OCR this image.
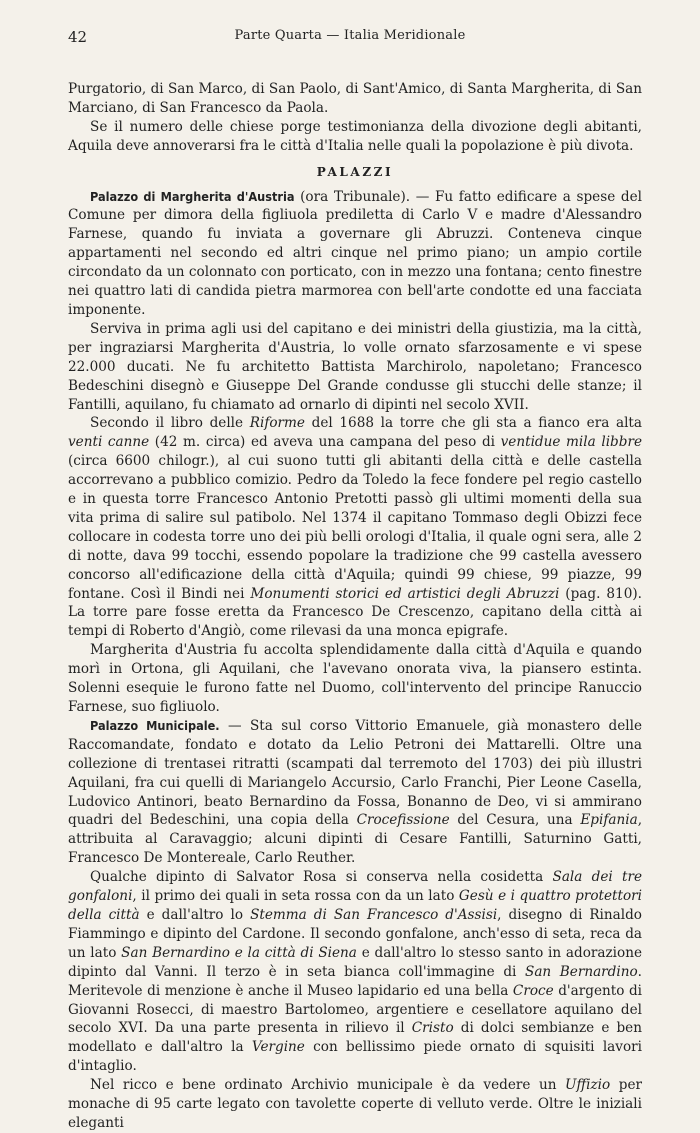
42	Parte Quarta — Italia Meridionale

Purgatorio, di San Marco, di San Paolo, di Sant'Amico, di Santa Margherita, di San Marciano, di San Francesco da Paola.

Se il numero delle chiese porge testimonianza della divozione degli abitanti, Aquila deve annoverarsi fra le città d'Italia nelle quali la popolazione è più divota.

PALAZZI

Palazzo di Margherita d'Austria (ora Tribunale). — Fu fatto edificare a spese del Comune per dimora della figliuola prediletta di Carlo V e madre d'Alessandro Farnese, quando fu inviata a governare gli Abruzzi. Conteneva cinque appartamenti nel secondo ed altri cinque nel primo piano; un ampio cortile circondato da un colonnato con porticato, con in mezzo una fontana; cento finestre nei quattro lati di candida pietra marmorea con bell'arte condotte ed una facciata imponente.

Serviva in prima agli usi del capitano e dei ministri della giustizia, ma la città, per ingraziarsi Margherita d'Austria, lo volle ornato sfarzosamente e vi spese 22.000 ducati. Ne fu architetto Battista Marchirolo, napoletano; Francesco Bedeschini disegnò e Giuseppe Del Grande condusse gli stucchi delle stanze; il Fantilli, aquilano, fu chiamato ad ornarlo di dipinti nel secolo XVII.

Secondo il libro delle Riforme del 1688 la torre che gli sta a fianco era alta venti canne (42 m. circa) ed aveva una campana del peso di ventidue mila libbre (circa 6600 chilogr.), al cui suono tutti gli abitanti della città e delle castella accorrevano a pubblico comizio. Pedro da Toledo la fece fondere pel regio castello e in questa torre Francesco Antonio Pretotti passò gli ultimi momenti della sua vita prima di salire sul patibolo. Nel 1374 il capitano Tommaso degli Obizzi fece collocare in codesta torre uno dei più belli orologi d'Italia, il quale ogni sera, alle 2 di notte, dava 99 tocchi, essendo popolare la tradizione che 99 castella avessero concorso all'edificazione della città d'Aquila; quindi 99 chiese, 99 piazze, 99 fontane. Così il Bindi nei Monumenti storici ed artistici degli Abruzzi (pag. 810). La torre pare fosse eretta da Francesco De Crescenzo, capitano della città ai tempi di Roberto d'Angiò, come rilevasi da una monca epigrafe.

Margherita d'Austria fu accolta splendidamente dalla città d'Aquila e quando morì in Ortona, gli Aquilani, che l'avevano onorata viva, la piansero estinta. Solenni esequie le furono fatte nel Duomo, coll'intervento del principe Ranuccio Farnese, suo figliuolo.

Palazzo Municipale. — Sta sul corso Vittorio Emanuele, già monastero delle Raccomandate, fondato e dotato da Lelio Petroni dei Mattarelli. Oltre una collezione di trentasei ritratti (scampati dal terremoto del 1703) dei più illustri Aquilani, fra cui quelli di Mariangelo Accursio, Carlo Franchi, Pier Leone Casella, Ludovico Antinori, beato Bernardino da Fossa, Bonanno de Deo, vi si ammirano quadri del Bedeschini, una copia della Crocefissione del Cesura, una Epifania, attribuita al Caravaggio; alcuni dipinti di Cesare Fantilli, Saturnino Gatti, Francesco De Montereale, Carlo Reuther.

Qualche dipinto di Salvator Rosa si conserva nella cosidetta Sala dei tre gonfaloni, il primo dei quali in seta rossa con da un lato Gesù e i quattro protettori della città e dall'altro lo Stemma di San Francesco d'Assisi, disegno di Rinaldo Fiammingo e dipinto del Cardone. Il secondo gonfalone, anch'esso di seta, reca da un lato San Bernardino e la città di Siena e dall'altro lo stesso santo in adorazione dipinto dal Vanni. Il terzo è in seta bianca coll'immagine di San Bernardino. Meritevole di menzione è anche il Museo lapidario ed una bella Croce d'argento di Giovanni Rosecci, di maestro Bartolomeo, argentiere e cesellatore aquilano del secolo XVI. Da una parte presenta in rilievo il Cristo di dolci sembianze e ben modellato e dall'altro la Vergine con bellissimo piede ornato di squisiti lavori d'intaglio.

Nel ricco e bene ordinato Archivio municipale è da vedere un Uffizio per monache di 95 carte legato con tavolette coperte di velluto verde. Oltre le iniziali eleganti
